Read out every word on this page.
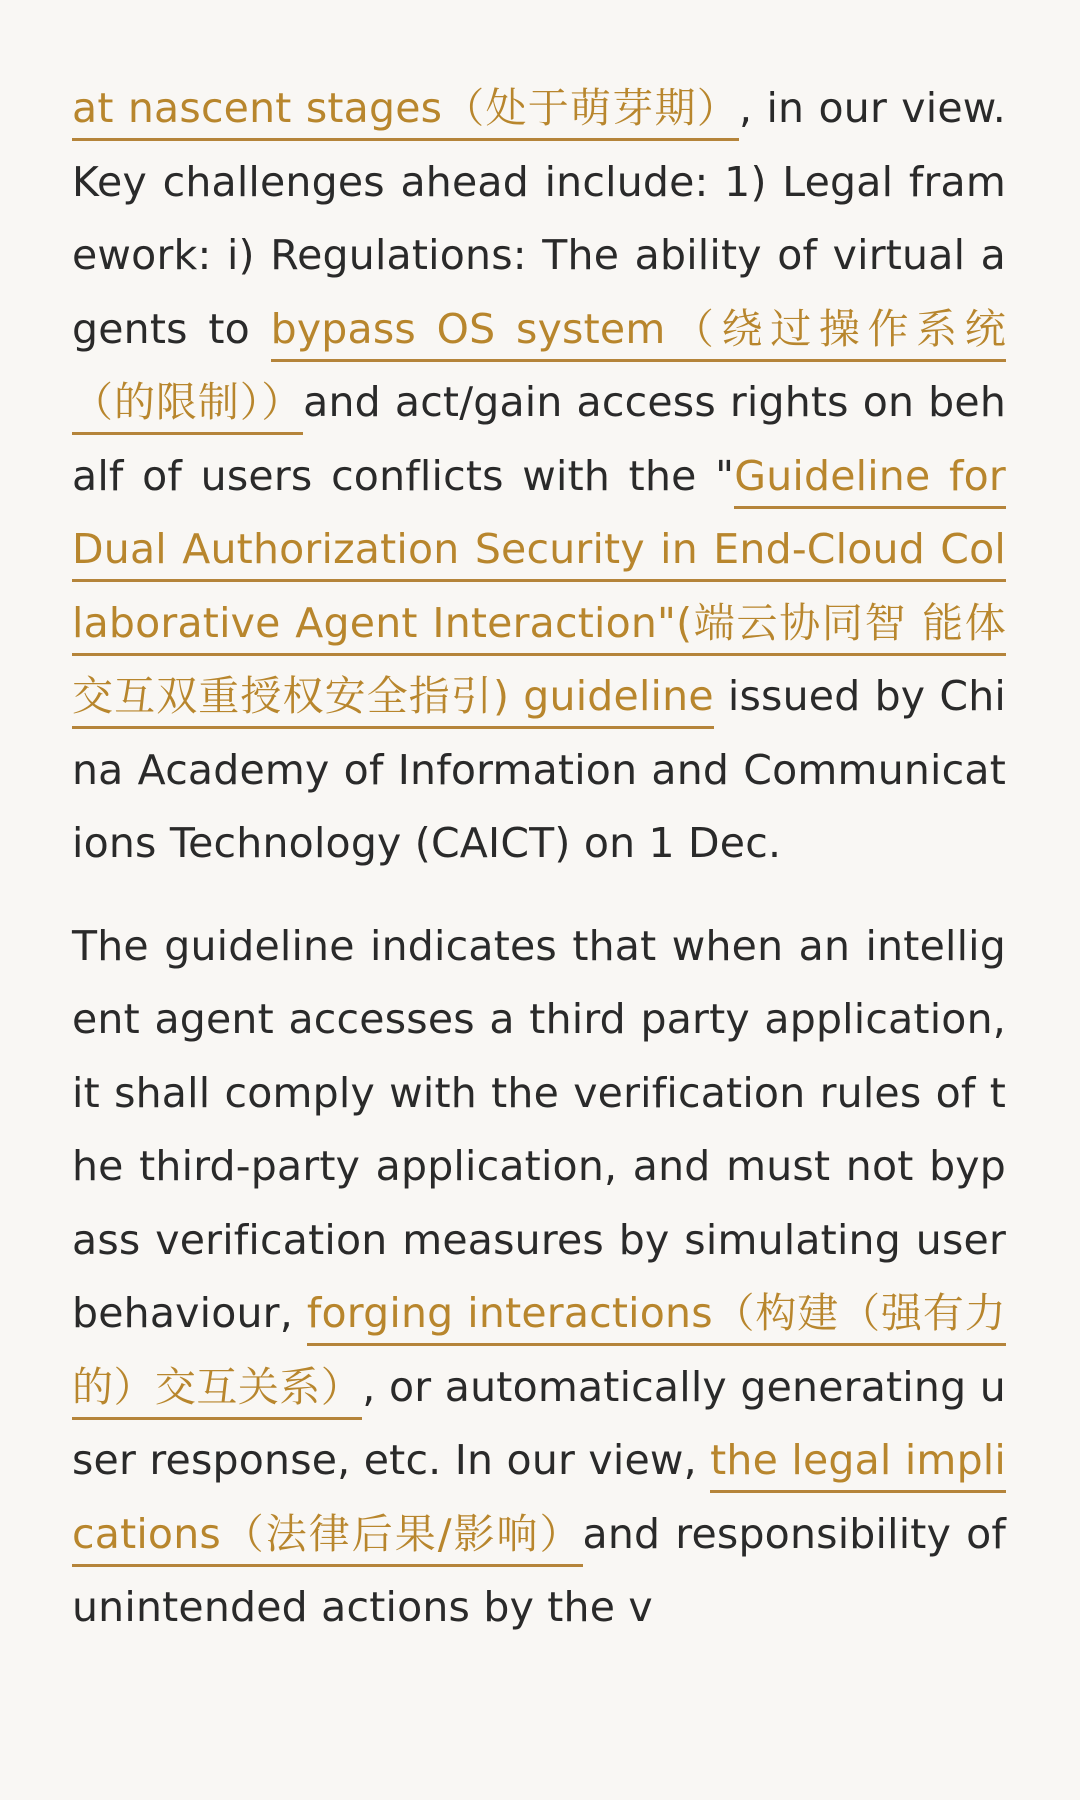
at nascent stages（处于萌芽期）, in our view. Key challenges ahead include: 1) Legal framework: i) Regulations: The ability of virtual agents to bypass OS system（绕过操作系统（的限制））and act/gain access rights on behalf of users conflicts with the "Guideline for Dual Authorization Security in End-Cloud Collaborative Agent Interaction"(端云协同智 能体交互双重授权安全指引) guideline issued by China Academy of Information and Communications Technology (CAICT) on 1 Dec.

The guideline indicates that when an intelligent agent accesses a third party application, it shall comply with the verification rules of the third-party application, and must not bypass verification measures by simulating user behaviour, forging interactions（构建（强有力的）交互关系）, or automatically generating user response, etc. In our view, the legal implications（法律后果/影响）and responsibility of unintended actions by the v
